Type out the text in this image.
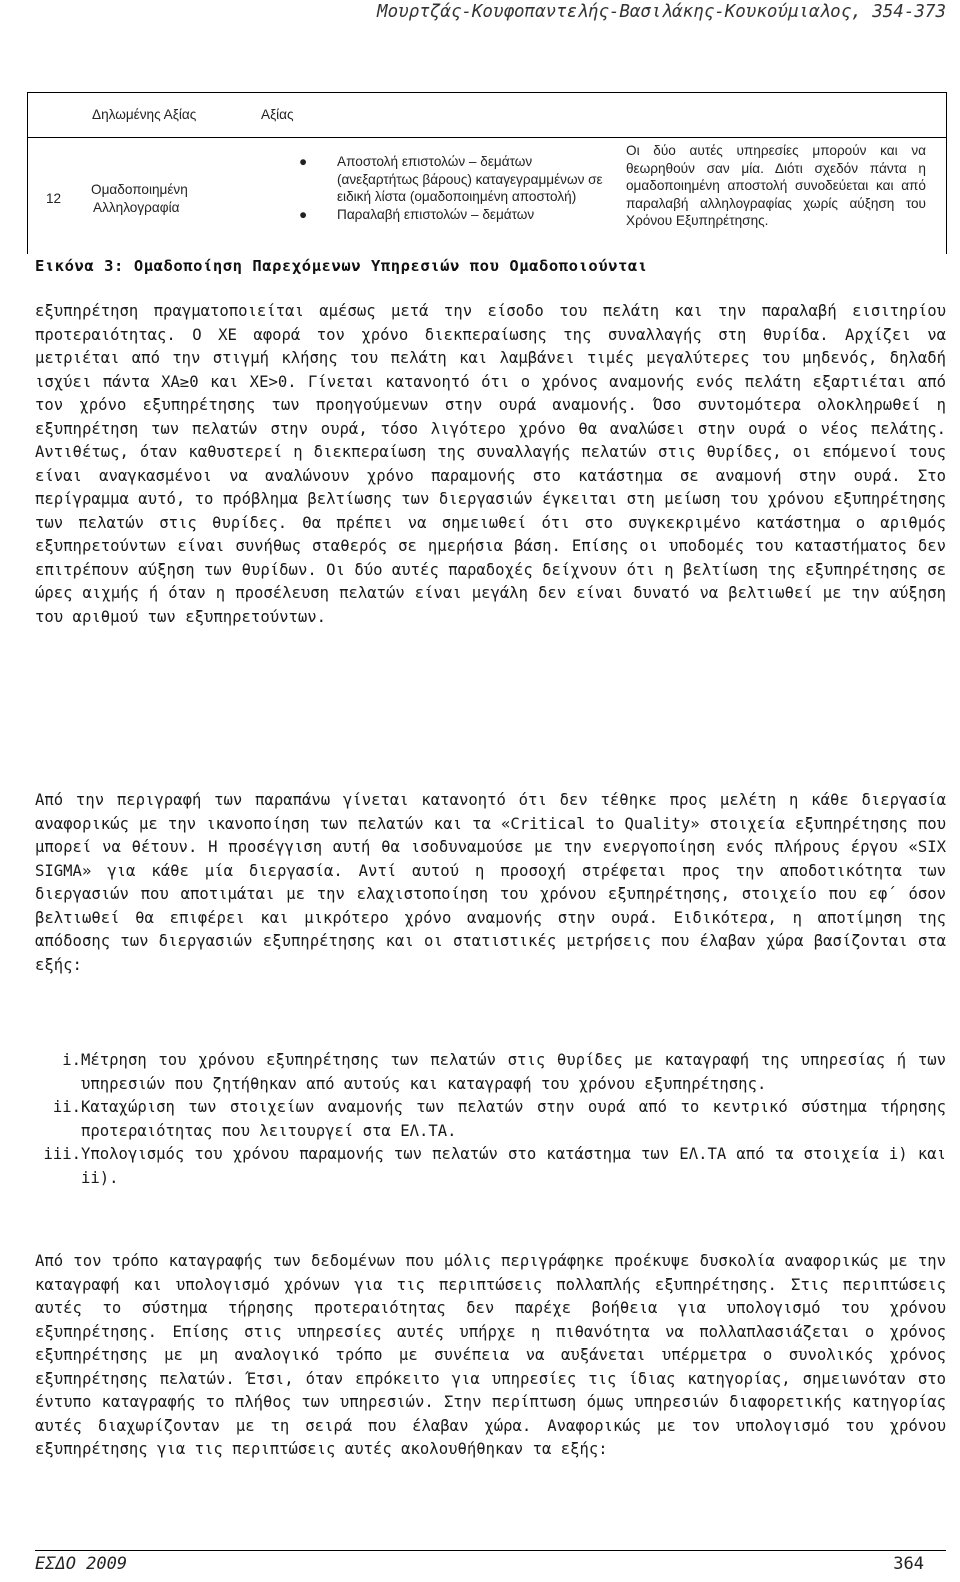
Μουρτζάς-Κουφοπαντελής-Βασιλάκης-Κουκούμιαλος, 354-373
Δηλωμένης Αξίας	Αξίας
12
Ομαδοποιημένη
Αλληλογραφία
● Αποστολή επιστολών – δεμάτων (ανεξαρτήτως βάρους) καταγεγραμμένων σε ειδική λίστα (ομαδοποιημένη αποστολή)
● Παραλαβή επιστολών – δεμάτων
Οι δύο αυτές υπηρεσίες μπορούν και να θεωρηθούν σαν μία. Διότι σχεδόν πάντα η ομαδοποιημένη αποστολή συνοδεύεται και από παραλαβή αλληλογραφίας χωρίς αύξηση του Χρόνου Εξυπηρέτησης.
Εικόνα 3: Ομαδοποίηση Παρεχόμενων Υπηρεσιών που Ομαδοποιούνται

εξυπηρέτηση πραγματοποιείται αμέσως μετά την είσοδο του πελάτη και την παραλαβή εισιτηρίου προτεραιότητας. Ο ΧΕ αφορά τον χρόνο διεκπεραίωσης της συναλλαγής στη θυρίδα. Αρχίζει να μετριέται από την στιγμή κλήσης του πελάτη και λαμβάνει τιμές μεγαλύτερες του μηδενός, δηλαδή ισχύει πάντα ΧΑ≥0 και ΧΕ>0. Γίνεται κατανοητό ότι ο χρόνος αναμονής ενός πελάτη εξαρτιέται από τον χρόνο εξυπηρέτησης των προηγούμενων στην ουρά αναμονής. Όσο συντομότερα ολοκληρωθεί η εξυπηρέτηση των πελατών στην ουρά, τόσο λιγότερο χρόνο θα αναλώσει στην ουρά ο νέος πελάτης. Αντιθέτως, όταν καθυστερεί η διεκπεραίωση της συναλλαγής πελατών στις θυρίδες, οι επόμενοί τους είναι αναγκασμένοι να αναλώνουν χρόνο παραμονής στο κατάστημα σε αναμονή στην ουρά. Στο περίγραμμα αυτό, το πρόβλημα βελτίωσης των διεργασιών έγκειται στη μείωση του χρόνου εξυπηρέτησης των πελατών στις θυρίδες. Θα πρέπει να σημειωθεί ότι στο συγκεκριμένο κατάστημα ο αριθμός εξυπηρετούντων είναι συνήθως σταθερός σε ημερήσια βάση. Επίσης οι υποδομές του καταστήματος δεν επιτρέπουν αύξηση των θυρίδων. Οι δύο αυτές παραδοχές δείχνουν ότι η βελτίωση της εξυπηρέτησης σε ώρες αιχμής ή όταν η προσέλευση πελατών είναι μεγάλη δεν είναι δυνατό να βελτιωθεί με την αύξηση του αριθμού των εξυπηρετούντων.

Από την περιγραφή των παραπάνω γίνεται κατανοητό ότι δεν τέθηκε προς μελέτη η κάθε διεργασία αναφορικώς με την ικανοποίηση των πελατών και τα «Critical to Quality» στοιχεία εξυπηρέτησης που μπορεί να θέτουν. Η προσέγγιση αυτή θα ισοδυναμούσε με την ενεργοποίηση ενός πλήρους έργου «SIX SIGMA» για κάθε μία διεργασία. Αντί αυτού η προσοχή στρέφεται προς την αποδοτικότητα των διεργασιών που αποτιμάται με την ελαχιστοποίηση του χρόνου εξυπηρέτησης, στοιχείο που εφ΄ όσον βελτιωθεί θα επιφέρει και μικρότερο χρόνο αναμονής στην ουρά. Ειδικότερα, η αποτίμηση της απόδοσης των διεργασιών εξυπηρέτησης και οι στατιστικές μετρήσεις που έλαβαν χώρα βασίζονται στα εξής:

i. Μέτρηση του χρόνου εξυπηρέτησης των πελατών στις θυρίδες με καταγραφή της υπηρεσίας ή των υπηρεσιών που ζητήθηκαν από αυτούς και καταγραφή του χρόνου εξυπηρέτησης.
ii. Καταχώριση των στοιχείων αναμονής των πελατών στην ουρά από το κεντρικό σύστημα τήρησης προτεραιότητας που λειτουργεί στα ΕΛ.ΤΑ.
iii. Υπολογισμός του χρόνου παραμονής των πελατών στο κατάστημα των ΕΛ.ΤΑ από τα στοιχεία i) και ii).

Από τον τρόπο καταγραφής των δεδομένων που μόλις περιγράφηκε προέκυψε δυσκολία αναφορικώς με την καταγραφή και υπολογισμό χρόνων για τις περιπτώσεις πολλαπλής εξυπηρέτησης. Στις περιπτώσεις αυτές το σύστημα τήρησης προτεραιότητας δεν παρέχε βοήθεια για υπολογισμό του χρόνου εξυπηρέτησης. Επίσης στις υπηρεσίες αυτές υπήρχε η πιθανότητα να πολλαπλασιάζεται ο χρόνος εξυπηρέτησης με μη αναλογικό τρόπο με συνέπεια να αυξάνεται υπέρμετρα ο συνολικός χρόνος εξυπηρέτησης πελατών. Έτσι, όταν επρόκειτο για υπηρεσίες τις ίδιας κατηγορίας, σημειωνόταν στο έντυπο καταγραφής το πλήθος των υπηρεσιών. Στην περίπτωση όμως υπηρεσιών διαφορετικής κατηγορίας αυτές διαχωρίζονταν με τη σειρά που έλαβαν χώρα. Αναφορικώς με τον υπολογισμό του χρόνου εξυπηρέτησης για τις περιπτώσεις αυτές ακολουθήθηκαν τα εξής:

ΕΣΔΟ 2009	364
